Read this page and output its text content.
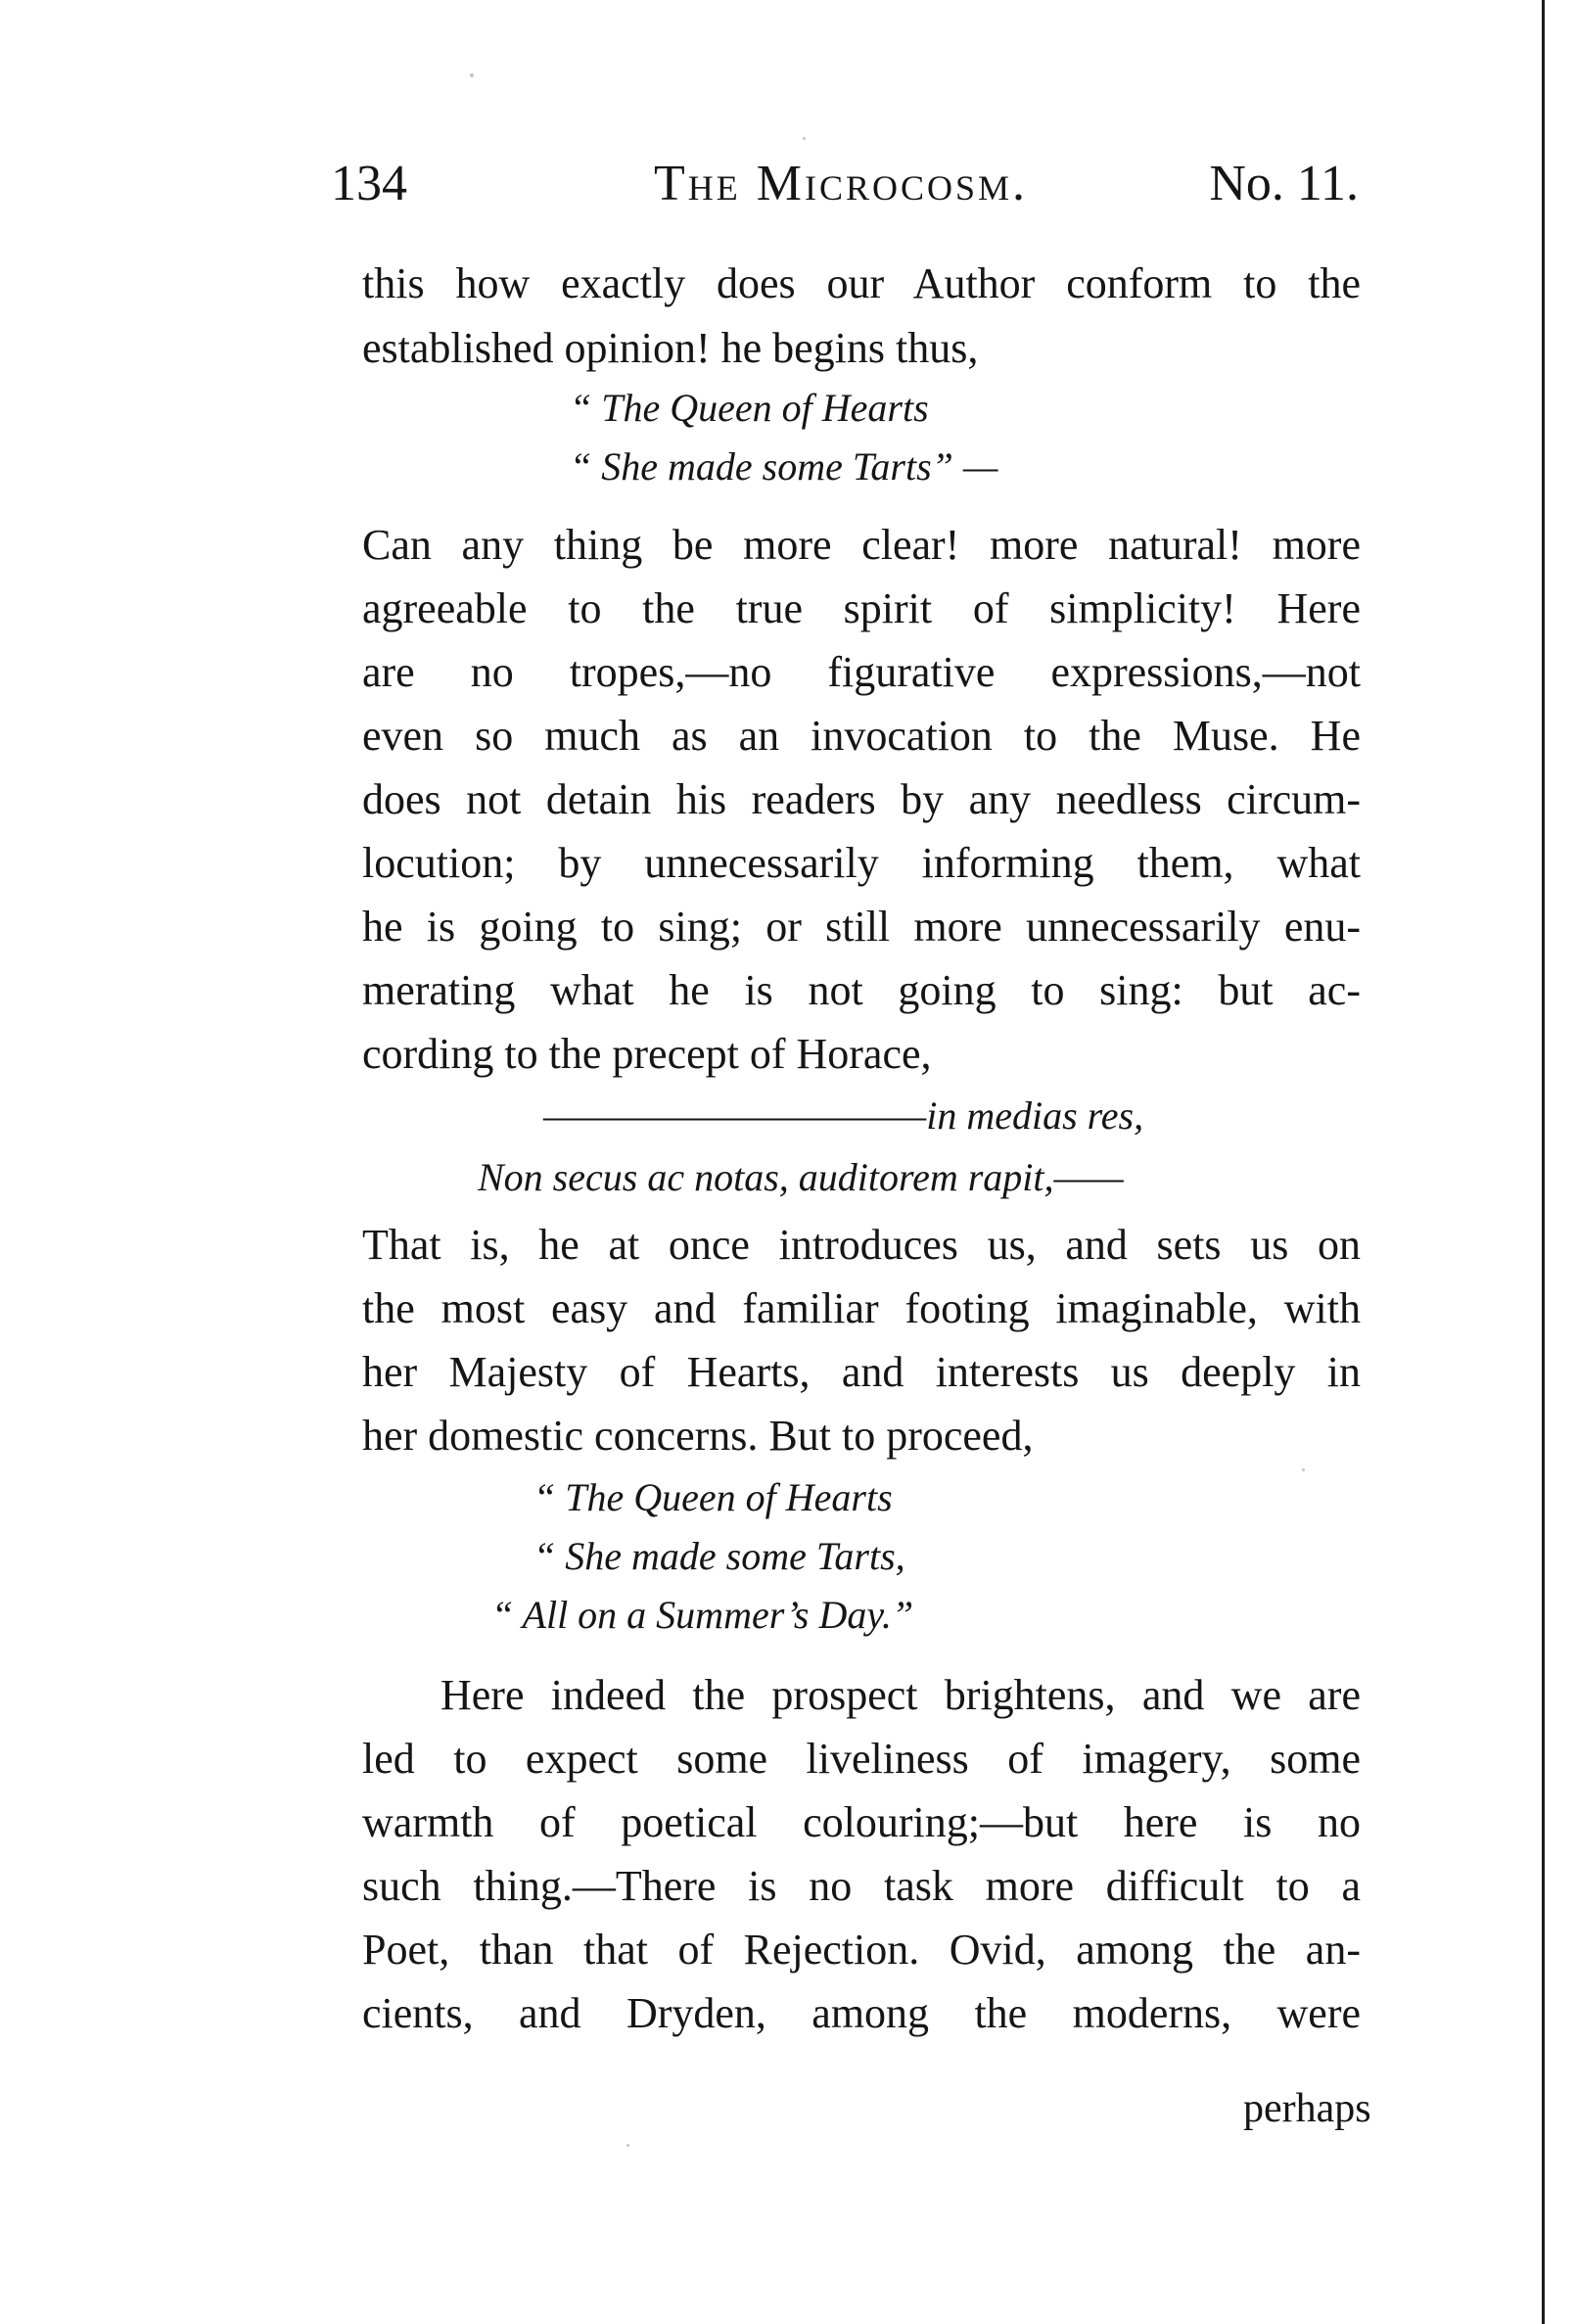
134	The Microcosm.	No. 11.
this how exactly does our Author conform to the
established opinion! he begins thus,
“ The Queen of Hearts
“ She made some Tarts” —
Can any thing be more clear! more natural! more
agreeable to the true spirit of simplicity! Here
are no tropes,—no figurative expressions,—not
even so much as an invocation to the Muse. He
does not detain his readers by any needless circum-
locution; by unnecessarily informing them, what
he is going to sing; or still more unnecessarily enu-
merating what he is not going to sing: but ac-
cording to the precept of Horace,
———————————in medias res,
Non secus ac notas, auditorem rapit,——
That is, he at once introduces us, and sets us on
the most easy and familiar footing imaginable, with
her Majesty of Hearts, and interests us deeply in
her domestic concerns. But to proceed,
“ The Queen of Hearts
“ She made some Tarts,
“ All on a Summer’s Day.”
Here indeed the prospect brightens, and we are
led to expect some liveliness of imagery, some
warmth of poetical colouring;—but here is no
such thing.—There is no task more difficult to a
Poet, than that of Rejection. Ovid, among the an-
cients, and Dryden, among the moderns, were
perhaps
